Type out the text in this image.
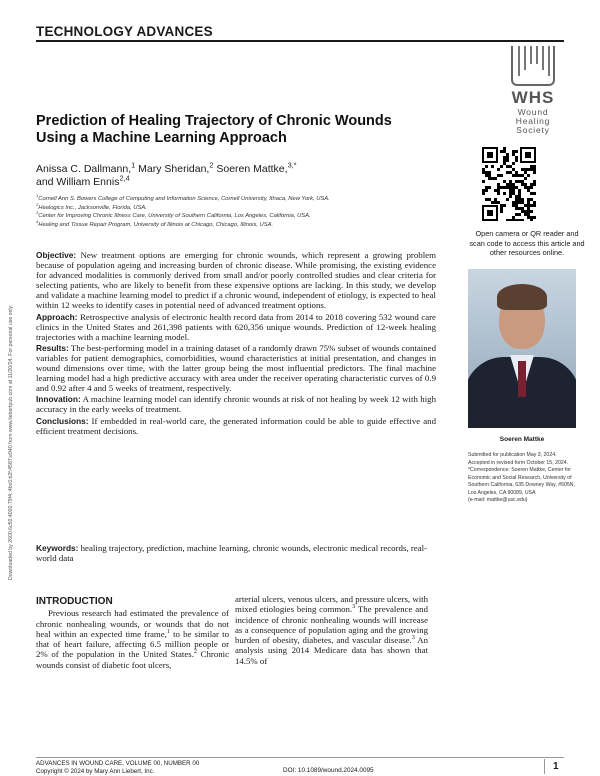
TECHNOLOGY ADVANCES
WHS
Wound
Healing
Society
Prediction of Healing Trajectory of Chronic Wounds Using a Machine Learning Approach
Anissa C. Dallmann,$^1$ Mary Sheridan,$^2$ Soeren Mattke,$^{3,*}$
and William Ennis$^{2,4}$
$^1$Cornell Ann S. Bowers College of Computing and Information Science, Cornell University, Ithaca, New York, USA.
$^2$Healogics Inc., Jacksonville, Florida, USA.
$^3$Center for Improving Chronic Illness Care, University of Southern California, Los Angeles, California, USA.
$^4$Healing and Tissue Repair Program, University of Illinois at Chicago, Chicago, Illinois, USA.
Open camera or QR reader and scan code to access this article and other resources online.
Soeren Mattke
Submitted for publication May 3, 2024.
Accepted in revised form October 15, 2024.
*Correspondence: Soeren Mattke, Center for Economic and Social Research, University of Southern California, 635 Downey Way, #505N, Los Angeles, CA 90089, USA
(e-mail: mattke@usc.edu)
Downloaded by 2600:6c50:4000:79f4::4bc0:b2f:4587:e940 from www.liebertpub.com at 11/20/24. For personal use only.

Objective: New treatment options are emerging for chronic wounds, which represent a growing problem because of population ageing and increasing burden of chronic disease. While promising, the existing evidence for advanced modalities is commonly derived from small and/or poorly controlled studies and clear criteria for selecting patients, who are likely to benefit from these expensive options are lacking. In this study, we develop and validate a machine learning model to predict if a chronic wound, independent of etiology, is expected to heal within 12 weeks to identify cases in potential need of advanced treatment options.

Approach: Retrospective analysis of electronic health record data from 2014 to 2018 covering 532 wound care clinics in the United States and 261,398 patients with 620,356 unique wounds. Prediction of 12-week healing trajectories with a machine learning model.

Results: The best-performing model in a training dataset of a randomly drawn 75% subset of wounds contained variables for patient demographics, comorbidities, wound characteristics at initial presentation, and changes in wound dimensions over time, with the latter group being the most influential predictors. The final machine learning model had a high predictive accuracy with area under the receiver operating characteristic curves of 0.9 and 0.92 after 4 and 5 weeks of treatment, respectively.

Innovation: A machine learning model can identify chronic wounds at risk of not healing by week 12 with high accuracy in the early weeks of treatment.

Conclusions: If embedded in real-world care, the generated information could be able to guide effective and efficient treatment decisions.

Keywords: healing trajectory, prediction, machine learning, chronic wounds, electronic medical records, real-world data
INTRODUCTION
Previous research had estimated the prevalence of chronic nonhealing wounds, or wounds that do not heal within an expected time frame,$^1$ to be similar to that of heart failure, affecting 6.5 million people or 2% of the population in the United States.$^2$ Chronic wounds consist of diabetic foot ulcers,
arterial ulcers, venous ulcers, and pressure ulcers, with mixed etiologies being common.$^3$ The prevalence and incidence of chronic nonhealing wounds will increase as a consequence of population aging and the growing burden of obesity, diabetes, and vascular disease.$^3$ An analysis using 2014 Medicare data has shown that 14.5% of
ADVANCES IN WOUND CARE, VOLUME 00, NUMBER 00
Copyright © 2024 by Mary Ann Liebert, Inc.	DOI: 10.1089/wound.2024.0095	1
